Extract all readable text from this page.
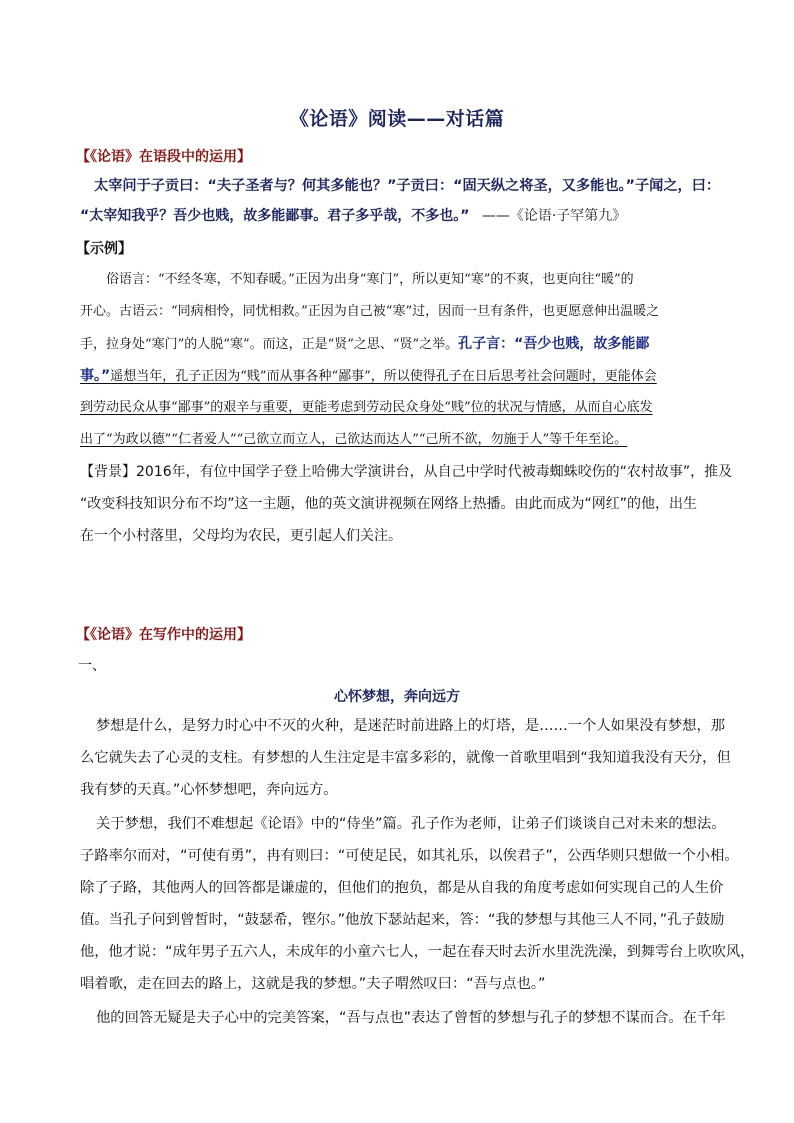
《论语》阅读——对话篇
【《论语》在语段中的运用】
太宰问于子贡曰：“夫子圣者与？何其多能也？”子贡曰：“固天纵之将圣，又多能也。”子闻之，曰：
“太宰知我乎？吾少也贱，故多能鄙事。君子多乎哉，不多也。” ——《论语·子罕第九》
【示例】
俗语言：“不经冬寒，不知春暖。”正因为出身“寒门”，所以更知“寒”的不爽，也更向往“暖”的
开心。古语云：“同病相怜，同忧相救。”正因为自己被“寒”过，因而一旦有条件，也更愿意伸出温暖之
手，拉身处“寒门”的人脱“寒”。而这，正是“贤”之思、“贤”之举。孔子言：“吾少也贱，故多能鄙
事。”遥想当年，孔子正因为“贱”而从事各种“鄙事”，所以使得孔子在日后思考社会问题时，更能体会
到劳动民众从事“鄙事”的艰辛与重要，更能考虑到劳动民众身处“贱”位的状况与情感，从而自心底发
出了“为政以德”“仁者爱人”“己欲立而立人，己欲达而达人”“己所不欲，勿施于人”等千年至论。
【背景】2016年，有位中国学子登上哈佛大学演讲台，从自己中学时代被毒蜘蛛咬伤的“农村故事”，推及
“改变科技知识分布不均”这一主题，他的英文演讲视频在网络上热播。由此而成为“网红”的他，出生
在一个小村落里，父母均为农民，更引起人们关注。
【《论语》在写作中的运用】
一、
心怀梦想，奔向远方
梦想是什么，是努力时心中不灭的火种，是迷茫时前进路上的灯塔，是……一个人如果没有梦想，那
么它就失去了心灵的支柱。有梦想的人生注定是丰富多彩的，就像一首歌里唱到“我知道我没有天分，但
我有梦的天真。”心怀梦想吧，奔向远方。
关于梦想，我们不难想起《论语》中的“侍坐”篇。孔子作为老师，让弟子们谈谈自己对未来的想法。
子路率尔而对，“可使有勇”，冉有则曰：“可使足民，如其礼乐，以俟君子”，公西华则只想做一个小相。
除了子路，其他两人的回答都是谦虚的，但他们的抱负，都是从自我的角度考虑如何实现自己的人生价
值。当孔子问到曾皙时，“鼓瑟希，铿尔。”他放下瑟站起来，答：“我的梦想与其他三人不同，”孔子鼓励
他，他才说：“成年男子五六人，未成年的小童六七人，一起在春天时去沂水里洗洗澡，到舞雩台上吹吹风，
唱着歌，走在回去的路上，这就是我的梦想。”夫子喟然叹曰：“吾与点也。”
他的回答无疑是夫子心中的完美答案，“吾与点也”表达了曾皙的梦想与孔子的梦想不谋而合。在千年
